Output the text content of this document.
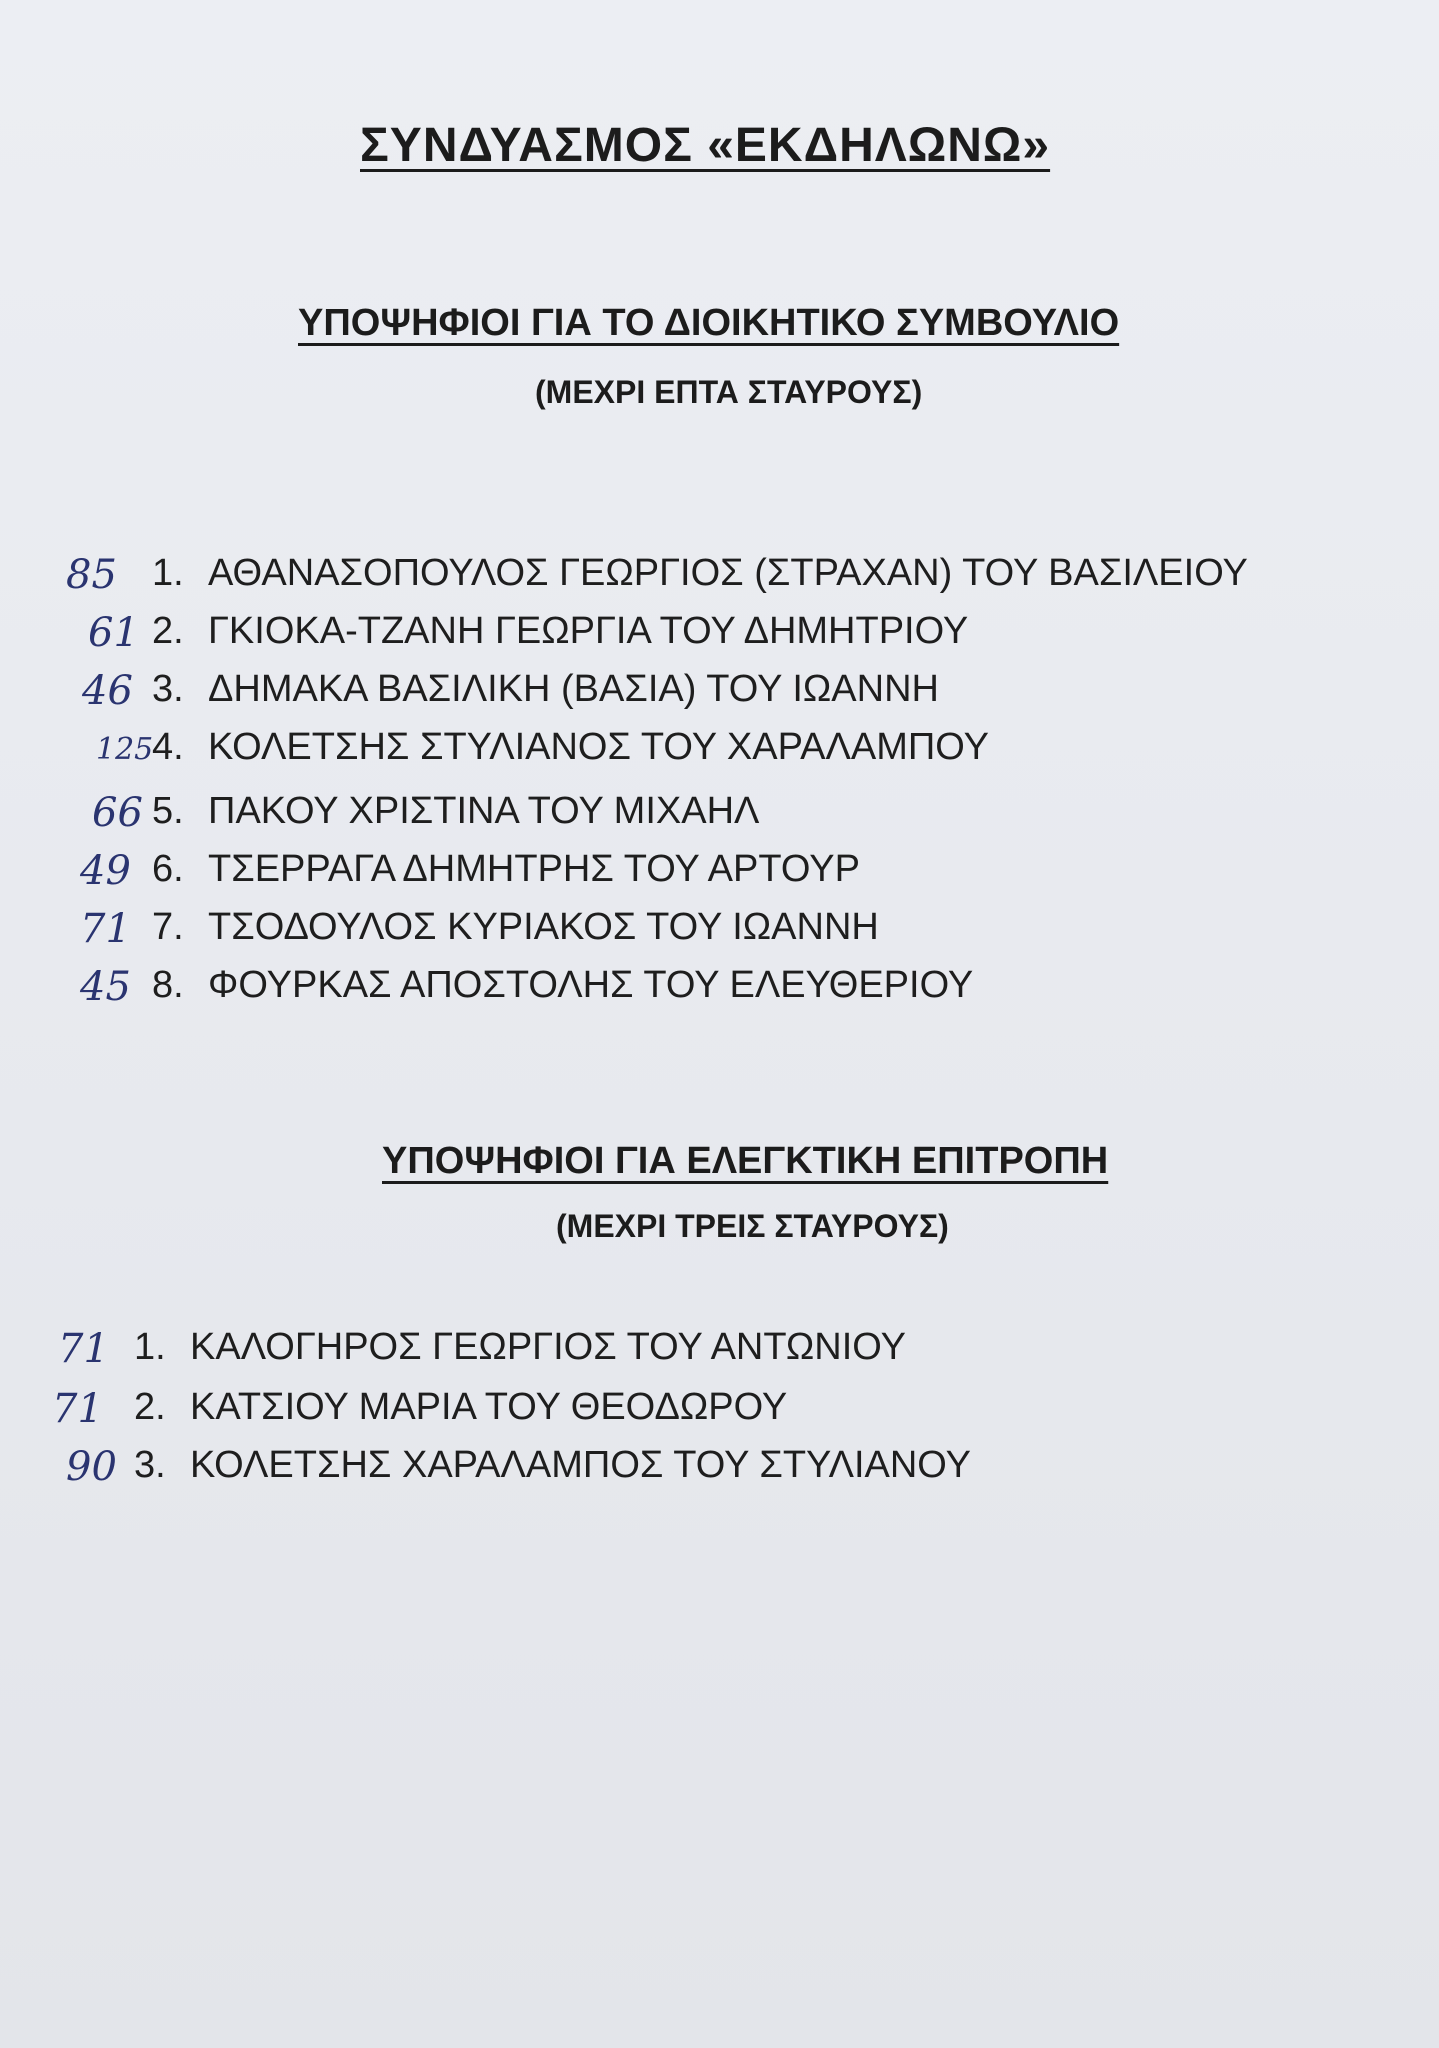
ΣΥΝΔΥΑΣΜΟΣ «ΕΚΔΗΛΩΝΩ»
ΥΠΟΨΗΦΙΟΙ ΓΙΑ ΤΟ ΔΙΟΙΚΗΤΙΚΟ ΣΥΜΒΟΥΛΙΟ
(ΜΕΧΡΙ ΕΠΤΑ ΣΤΑΥΡΟΥΣ)
85 1. ΑΘΑΝΑΣΟΠΟΥΛΟΣ ΓΕΩΡΓΙΟΣ (ΣΤΡΑΧΑΝ) ΤΟΥ ΒΑΣΙΛΕΙΟΥ
61 2. ΓΚΙΟΚΑ-ΤΖΑΝΗ ΓΕΩΡΓΙΑ ΤΟΥ ΔΗΜΗΤΡΙΟΥ
46 3. ΔΗΜΑΚΑ ΒΑΣΙΛΙΚΗ (ΒΑΣΙΑ) ΤΟΥ ΙΩΑΝΝΗ
125
4. ΚΟΛΕΤΣΗΣ ΣΤΥΛΙΑΝΟΣ ΤΟΥ ΧΑΡΑΛΑΜΠΟΥ
66 5. ΠΑΚΟΥ ΧΡΙΣΤΙΝΑ ΤΟΥ ΜΙΧΑΗΛ
49 6. ΤΣΕΡΡΑΓΑ ΔΗΜΗΤΡΗΣ ΤΟΥ ΑΡΤΟΥΡ
71 7. ΤΣΟΔΟΥΛΟΣ ΚΥΡΙΑΚΟΣ ΤΟΥ ΙΩΑΝΝΗ
45 8. ΦΟΥΡΚΑΣ ΑΠΟΣΤΟΛΗΣ ΤΟΥ ΕΛΕΥΘΕΡΙΟΥ
ΥΠΟΨΗΦΙΟΙ ΓΙΑ ΕΛΕΓΚΤΙΚΗ ΕΠΙΤΡΟΠΗ
(ΜΕΧΡΙ ΤΡΕΙΣ ΣΤΑΥΡΟΥΣ)
71 1. ΚΑΛΟΓΗΡΟΣ ΓΕΩΡΓΙΟΣ ΤΟΥ ΑΝΤΩΝΙΟΥ
71 2. ΚΑΤΣΙΟΥ ΜΑΡΙΑ ΤΟΥ ΘΕΟΔΩΡΟΥ
90 3. ΚΟΛΕΤΣΗΣ ΧΑΡΑΛΑΜΠΟΣ ΤΟΥ ΣΤΥΛΙΑΝΟΥ
